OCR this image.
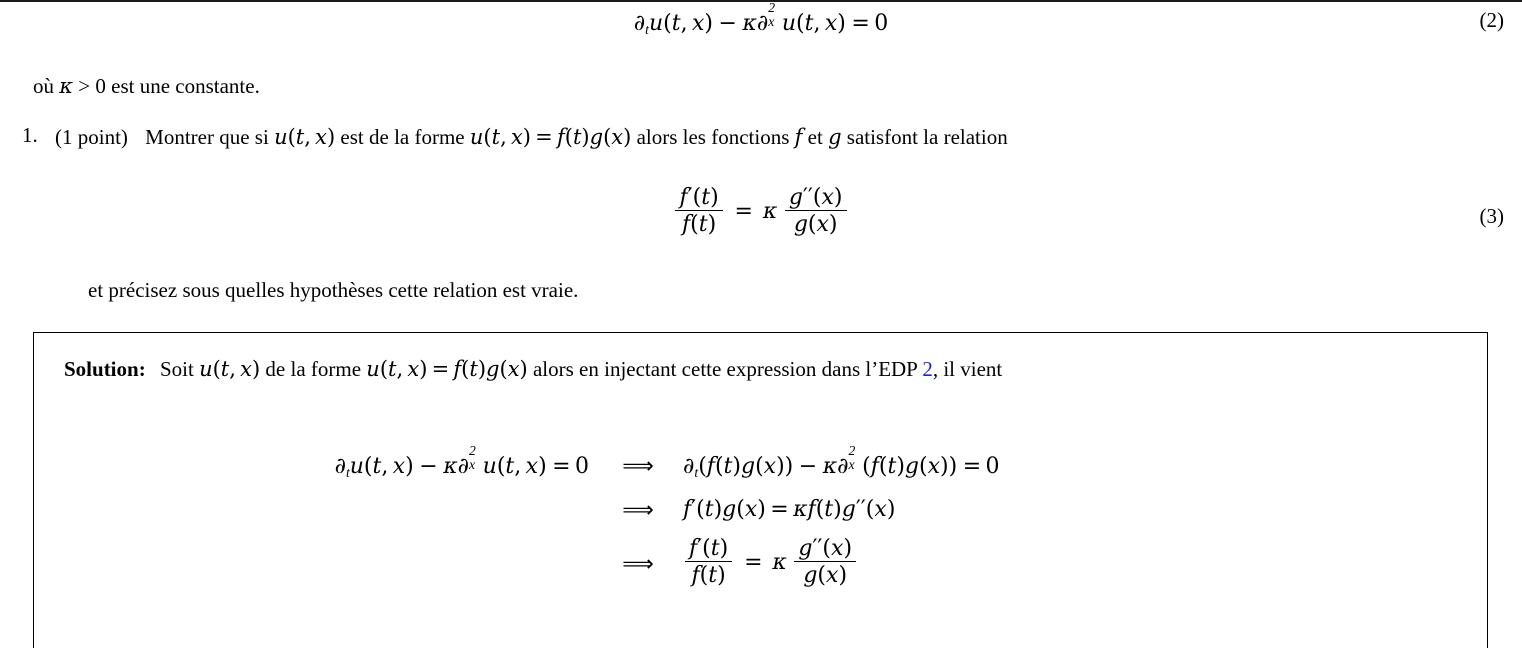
$\partial_tu(t$, x) − κ∂
2
x u(t, x) = 0	(2)
où κ > 0 est une constante.
1. (1 point) Montrer que si u(t, x) est de la forme u(t, x) = f(t)g(x) alors les fonctions f et g satisfont la relation
$\frac{f'(t)}{f(t)} = \kappa \frac{g''(x)}{g(x)}$	(3)
et précisez sous quelles hypothèses cette relation est vraie.
Solution: Soit u(t, x) de la forme u(t, x) = f(t)g(x) alors en injectant cette expression dans l’EDP 2, il vient
$\partial_tu(t$, x) − κ∂
2
x u(t, x) = 0	⟹	$\partial_t(f(t)g(x)) - \kappa\partial$
2
x (f(t)g(x)) = 0
⟹	f′(t)g(x) = κf(t)g′′(x)
⟹	$\frac{f'(t)}{f(t)} = \kappa \frac{g''(x)}{g(x)}$
